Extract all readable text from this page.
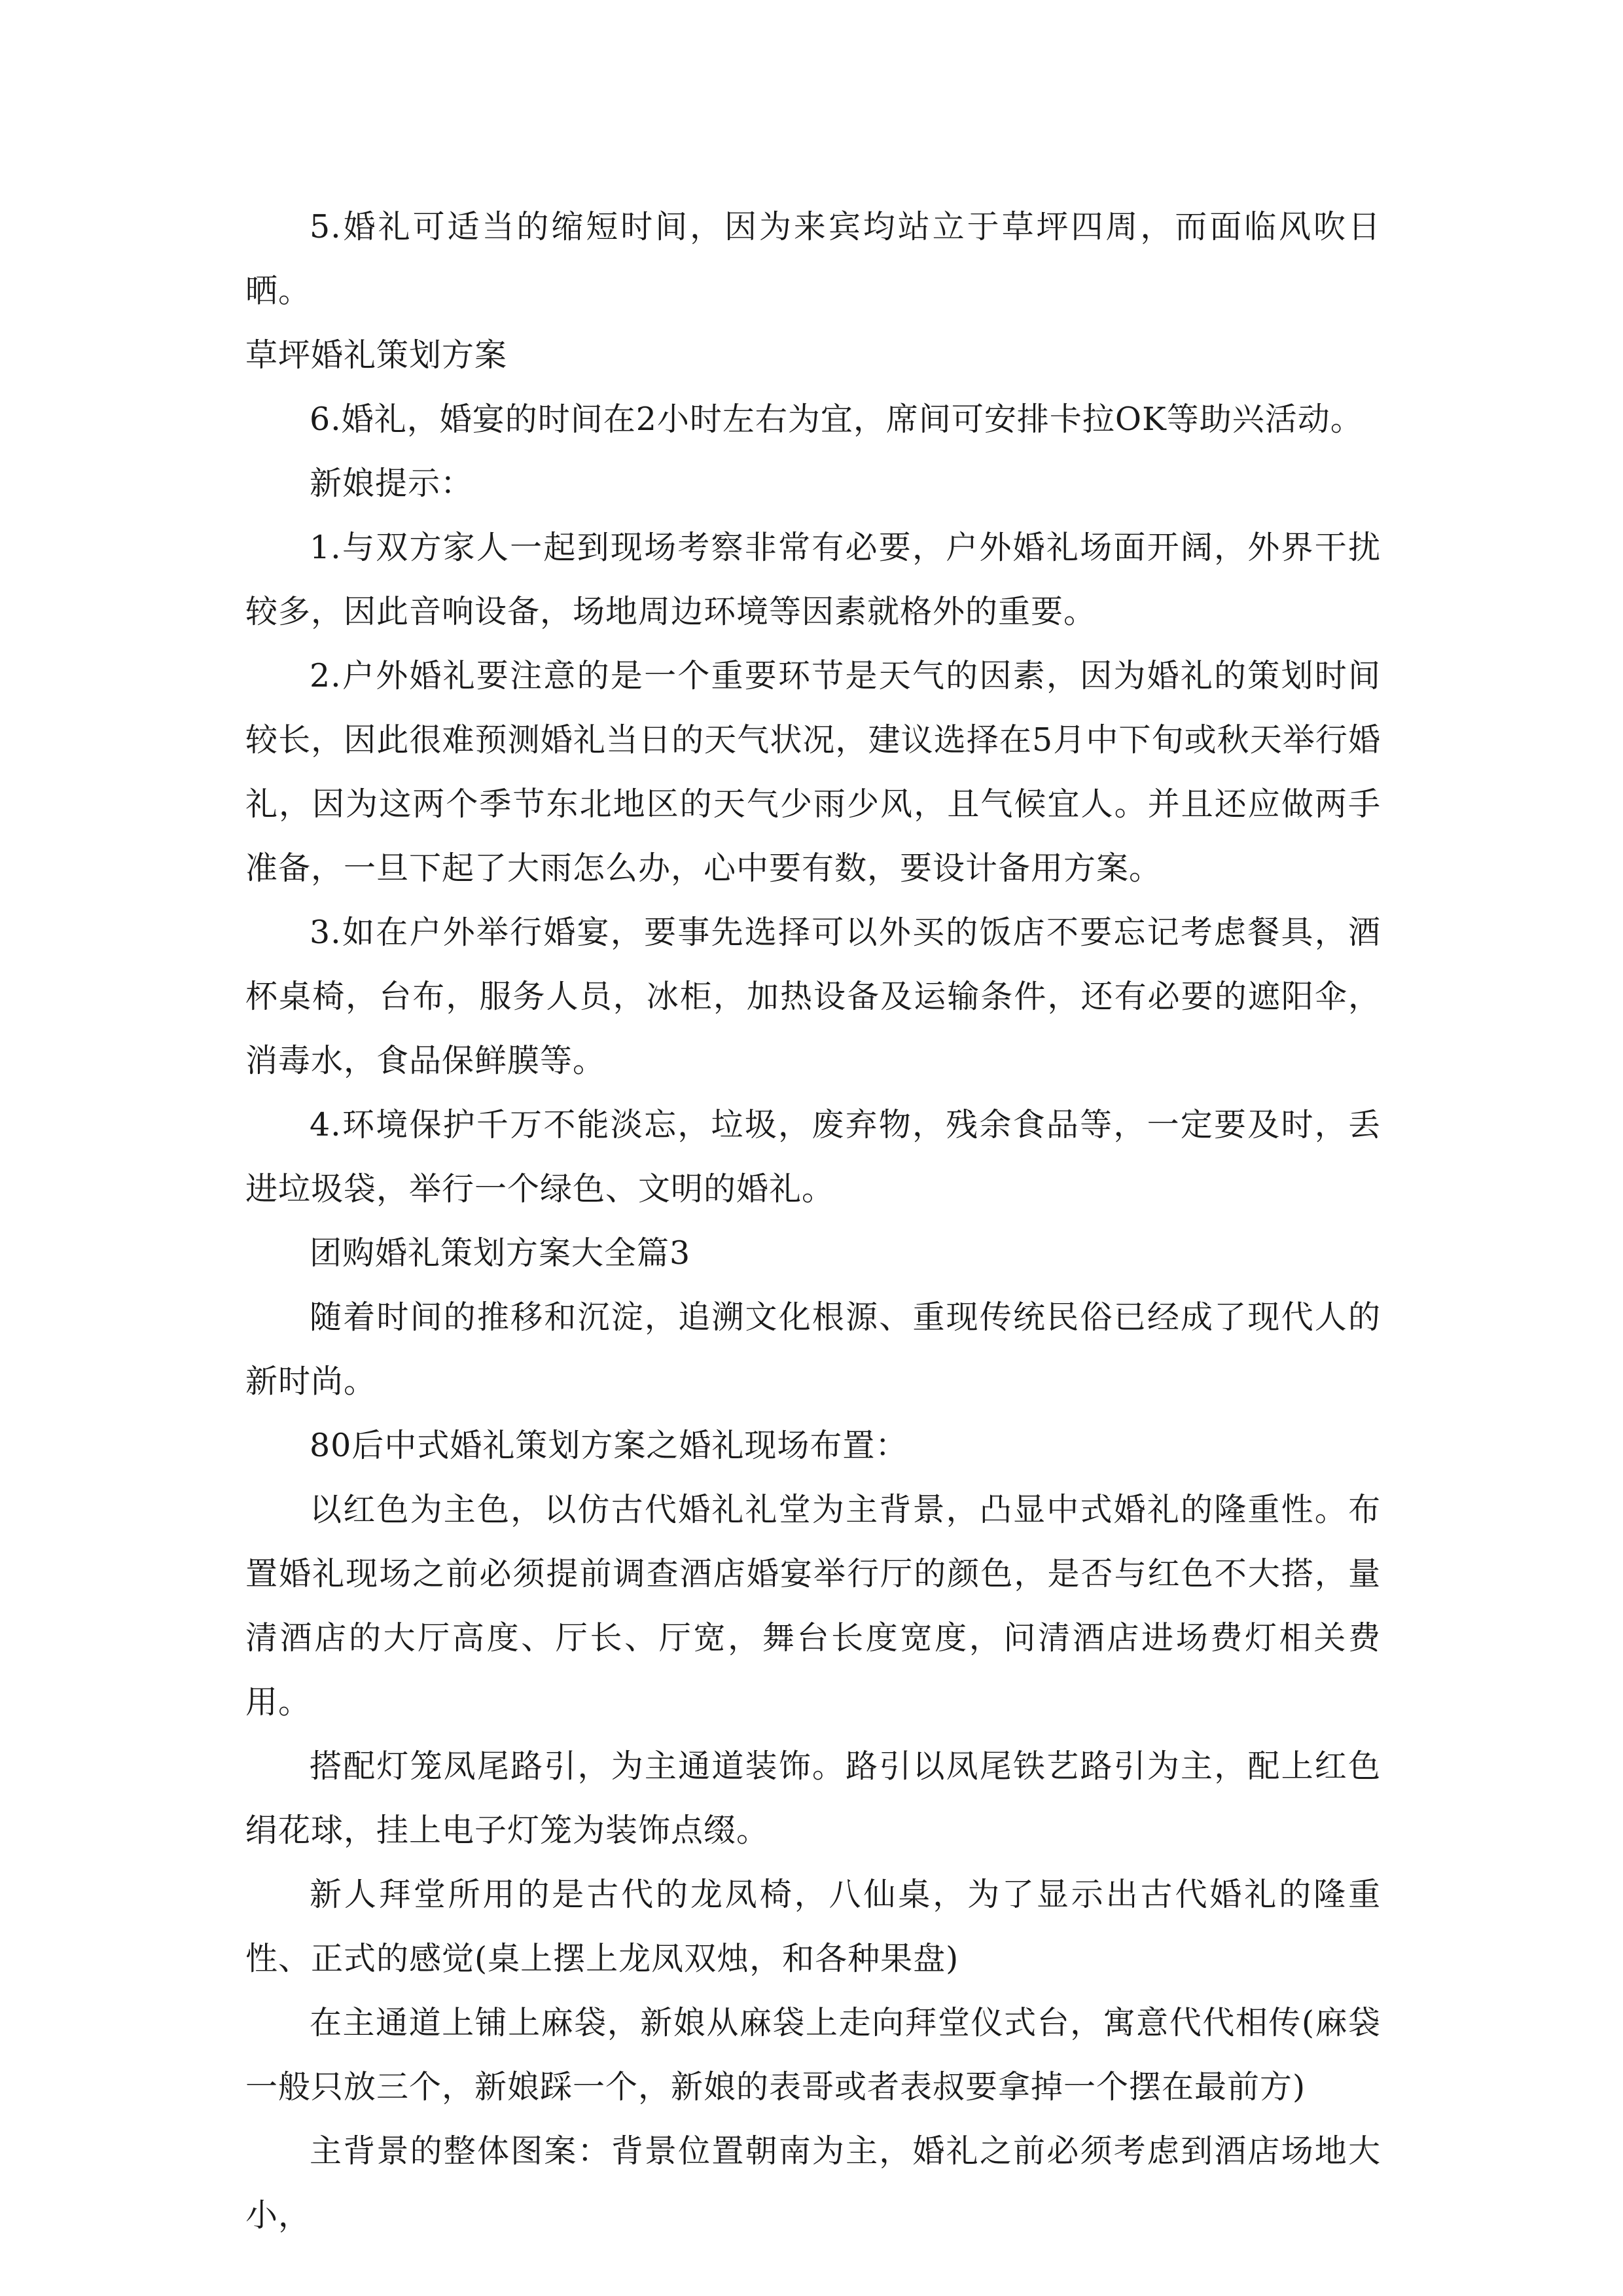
5.婚礼可适当的缩短时间，因为来宾均站立于草坪四周，而面临风吹日晒。

草坪婚礼策划方案

6.婚礼，婚宴的时间在2小时左右为宜，席间可安排卡拉OK等助兴活动。

新娘提示：

1.与双方家人一起到现场考察非常有必要，户外婚礼场面开阔，外界干扰较多，因此音响设备，场地周边环境等因素就格外的重要。

2.户外婚礼要注意的是一个重要环节是天气的因素，因为婚礼的策划时间较长，因此很难预测婚礼当日的天气状况，建议选择在5月中下旬或秋天举行婚礼，因为这两个季节东北地区的天气少雨少风，且气候宜人。并且还应做两手准备，一旦下起了大雨怎么办，心中要有数，要设计备用方案。

3.如在户外举行婚宴，要事先选择可以外买的饭店不要忘记考虑餐具，酒杯桌椅，台布，服务人员，冰柜，加热设备及运输条件，还有必要的遮阳伞，消毒水，食品保鲜膜等。

4.环境保护千万不能淡忘，垃圾，废弃物，残余食品等，一定要及时，丢进垃圾袋，举行一个绿色、文明的婚礼。

团购婚礼策划方案大全篇3

随着时间的推移和沉淀，追溯文化根源、重现传统民俗已经成了现代人的新时尚。

80后中式婚礼策划方案之婚礼现场布置：

以红色为主色，以仿古代婚礼礼堂为主背景，凸显中式婚礼的隆重性。布置婚礼现场之前必须提前调查酒店婚宴举行厅的颜色，是否与红色不大搭，量清酒店的大厅高度、厅长、厅宽，舞台长度宽度，问清酒店进场费灯相关费用。

搭配灯笼凤尾路引，为主通道装饰。路引以凤尾铁艺路引为主，配上红色绢花球，挂上电子灯笼为装饰点缀。

新人拜堂所用的是古代的龙凤椅，八仙桌，为了显示出古代婚礼的隆重性、正式的感觉(桌上摆上龙凤双烛，和各种果盘)

在主通道上铺上麻袋，新娘从麻袋上走向拜堂仪式台，寓意代代相传(麻袋一般只放三个，新娘踩一个，新娘的表哥或者表叔要拿掉一个摆在最前方)

主背景的整体图案：背景位置朝南为主，婚礼之前必须考虑到酒店场地大小，
